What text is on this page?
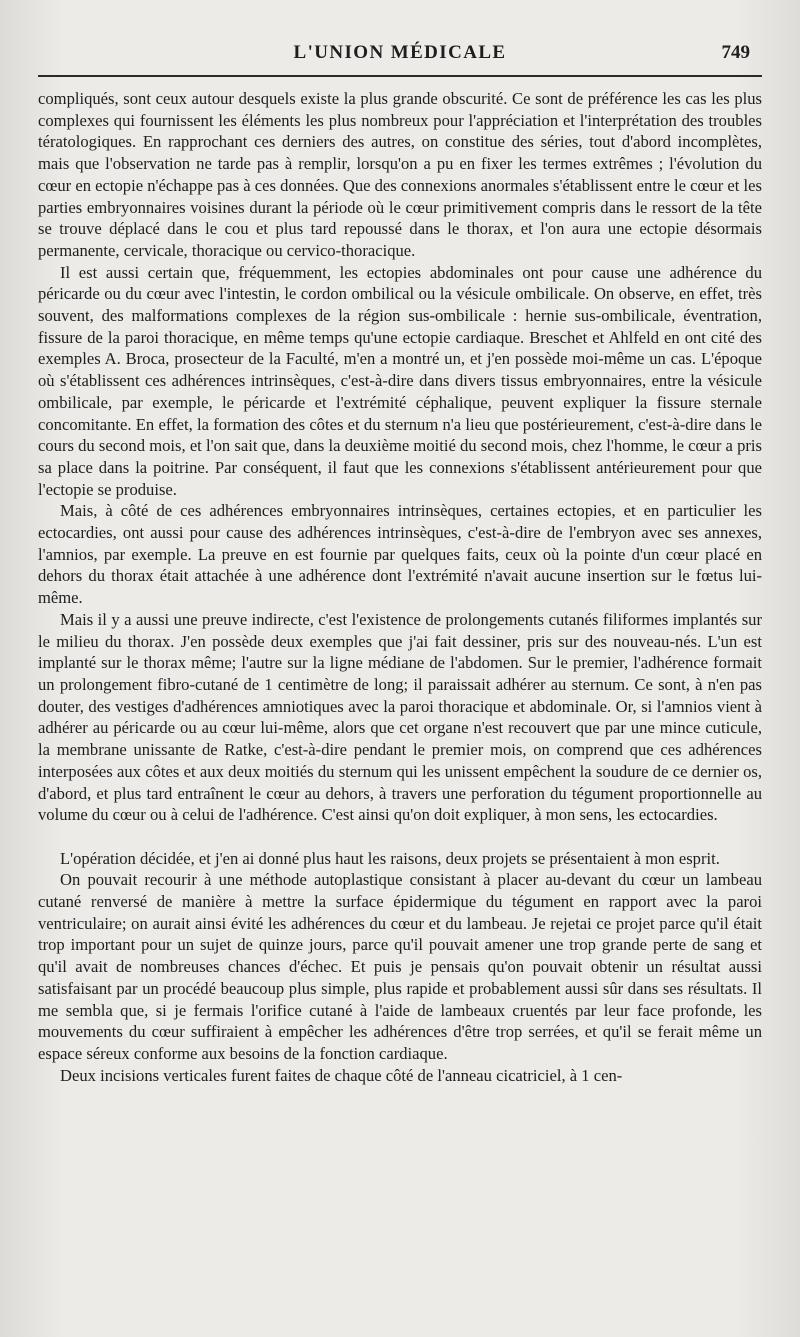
L'UNION MÉDICALE	749

compliqués, sont ceux autour desquels existe la plus grande obscurité. Ce sont de préférence les cas les plus complexes qui fournissent les éléments les plus nombreux pour l'appréciation et l'interprétation des troubles tératologiques. En rapprochant ces derniers des autres, on constitue des séries, tout d'abord incomplètes, mais que l'observation ne tarde pas à remplir, lorsqu'on a pu en fixer les termes extrêmes ; l'évolution du cœur en ectopie n'échappe pas à ces données. Que des connexions anormales s'établissent entre le cœur et les parties embryonnaires voisines durant la période où le cœur primitivement compris dans le ressort de la tête se trouve déplacé dans le cou et plus tard repoussé dans le thorax, et l'on aura une ectopie désormais permanente, cervicale, thoracique ou cervico-thoracique.

Il est aussi certain que, fréquemment, les ectopies abdominales ont pour cause une adhérence du péricarde ou du cœur avec l'intestin, le cordon ombilical ou la vésicule ombilicale. On observe, en effet, très souvent, des malformations complexes de la région sus-ombilicale : hernie sus-ombilicale, éventration, fissure de la paroi thoracique, en même temps qu'une ectopie cardiaque. Breschet et Ahlfeld en ont cité des exemples A. Broca, prosecteur de la Faculté, m'en a montré un, et j'en possède moi-même un cas. L'époque où s'établissent ces adhérences intrinsèques, c'est-à-dire dans divers tissus embryonnaires, entre la vésicule ombilicale, par exemple, le péricarde et l'extrémité céphalique, peuvent expliquer la fissure sternale concomitante. En effet, la formation des côtes et du sternum n'a lieu que postérieurement, c'est-à-dire dans le cours du second mois, et l'on sait que, dans la deuxième moitié du second mois, chez l'homme, le cœur a pris sa place dans la poitrine. Par conséquent, il faut que les connexions s'établissent antérieurement pour que l'ectopie se produise.

Mais, à côté de ces adhérences embryonnaires intrinsèques, certaines ectopies, et en particulier les ectocardies, ont aussi pour cause des adhérences intrinsèques, c'est-à-dire de l'embryon avec ses annexes, l'amnios, par exemple. La preuve en est fournie par quelques faits, ceux où la pointe d'un cœur placé en dehors du thorax était attachée à une adhérence dont l'extrémité n'avait aucune insertion sur le fœtus lui-même.

Mais il y a aussi une preuve indirecte, c'est l'existence de prolongements cutanés filiformes implantés sur le milieu du thorax. J'en possède deux exemples que j'ai fait dessiner, pris sur des nouveau-nés. L'un est implanté sur le thorax même; l'autre sur la ligne médiane de l'abdomen. Sur le premier, l'adhérence formait un prolongement fibro-cutané de 1 centimètre de long; il paraissait adhérer au sternum. Ce sont, à n'en pas douter, des vestiges d'adhérences amniotiques avec la paroi thoracique et abdominale. Or, si l'amnios vient à adhérer au péricarde ou au cœur lui-même, alors que cet organe n'est recouvert que par une mince cuticule, la membrane unissante de Ratke, c'est-à-dire pendant le premier mois, on comprend que ces adhérences interposées aux côtes et aux deux moitiés du sternum qui les unissent empêchent la soudure de ce dernier os, d'abord, et plus tard entraînent le cœur au dehors, à travers une perforation du tégument proportionnelle au volume du cœur ou à celui de l'adhérence. C'est ainsi qu'on doit expliquer, à mon sens, les ectocardies.

L'opération décidée, et j'en ai donné plus haut les raisons, deux projets se présentaient à mon esprit.

On pouvait recourir à une méthode autoplastique consistant à placer au-devant du cœur un lambeau cutané renversé de manière à mettre la surface épidermique du tégument en rapport avec la paroi ventriculaire; on aurait ainsi évité les adhérences du cœur et du lambeau. Je rejetai ce projet parce qu'il était trop important pour un sujet de quinze jours, parce qu'il pouvait amener une trop grande perte de sang et qu'il avait de nombreuses chances d'échec. Et puis je pensais qu'on pouvait obtenir un résultat aussi satisfaisant par un procédé beaucoup plus simple, plus rapide et probablement aussi sûr dans ses résultats. Il me sembla que, si je fermais l'orifice cutané à l'aide de lambeaux cruentés par leur face profonde, les mouvements du cœur suffiraient à empêcher les adhérences d'être trop serrées, et qu'il se ferait même un espace séreux conforme aux besoins de la fonction cardiaque.

Deux incisions verticales furent faites de chaque côté de l'anneau cicatriciel, à 1 cen-
